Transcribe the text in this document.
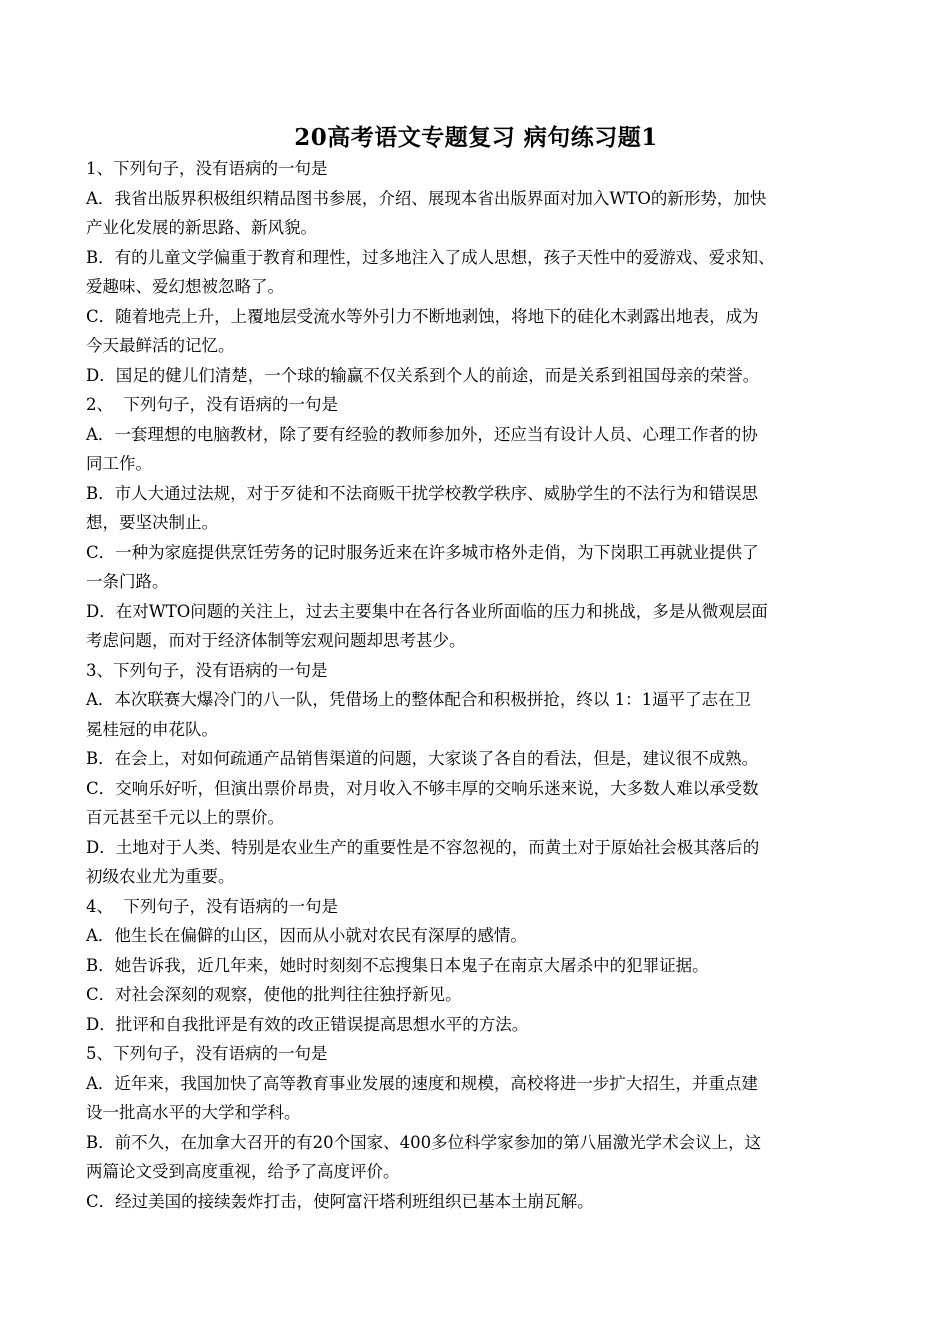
20高考语文专题复习 病句练习题1

1、下列句子，没有语病的一句是

A．我省出版界积极组织精品图书参展，介绍、展现本省出版界面对加入WTO的新形势，加快

产业化发展的新思路、新风貌。

B．有的儿童文学偏重于教育和理性，过多地注入了成人思想，孩子天性中的爱游戏、爱求知、

爱趣味、爱幻想被忽略了。

C．随着地壳上升，上覆地层受流水等外引力不断地剥蚀，将地下的硅化木剥露出地表，成为

今天最鲜活的记忆。

D．国足的健儿们清楚，一个球的输赢不仅关系到个人的前途，而是关系到祖国母亲的荣誉。

2、  下列句子，没有语病的一句是

A．一套理想的电脑教材，除了要有经验的教师参加外，还应当有设计人员、心理工作者的协

同工作。

B．市人大通过法规，对于歹徒和不法商贩干扰学校教学秩序、威胁学生的不法行为和错误思

想，要坚决制止。

C．一种为家庭提供烹饪劳务的记时服务近来在许多城市格外走俏，为下岗职工再就业提供了

一条门路。

D．在对WTO问题的关注上，过去主要集中在各行各业所面临的压力和挑战，多是从微观层面

考虑问题，而对于经济体制等宏观问题却思考甚少。

3、下列句子，没有语病的一句是

A．本次联赛大爆冷门的八一队，凭借场上的整体配合和积极拼抢，终以 1：1逼平了志在卫

冕桂冠的申花队。

B．在会上，对如何疏通产品销售渠道的问题，大家谈了各自的看法，但是，建议很不成熟。

C．交响乐好听，但演出票价昂贵，对月收入不够丰厚的交响乐迷来说，大多数人难以承受数

百元甚至千元以上的票价。

D．土地对于人类、特别是农业生产的重要性是不容忽视的，而黄土对于原始社会极其落后的

初级农业尤为重要。

4、  下列句子，没有语病的一句是

A．他生长在偏僻的山区，因而从小就对农民有深厚的感情。

B．她告诉我，近几年来，她时时刻刻不忘搜集日本鬼子在南京大屠杀中的犯罪证据。

C．对社会深刻的观察，使他的批判往往独抒新见。

D．批评和自我批评是有效的改正错误提高思想水平的方法。

5、下列句子，没有语病的一句是

A．近年来，我国加快了高等教育事业发展的速度和规模，高校将进一步扩大招生，并重点建

设一批高水平的大学和学科。

B．前不久，在加拿大召开的有20个国家、400多位科学家参加的第八届激光学术会议上，这

两篇论文受到高度重视，给予了高度评价。

C．经过美国的接续轰炸打击，使阿富汗塔利班组织已基本土崩瓦解。
